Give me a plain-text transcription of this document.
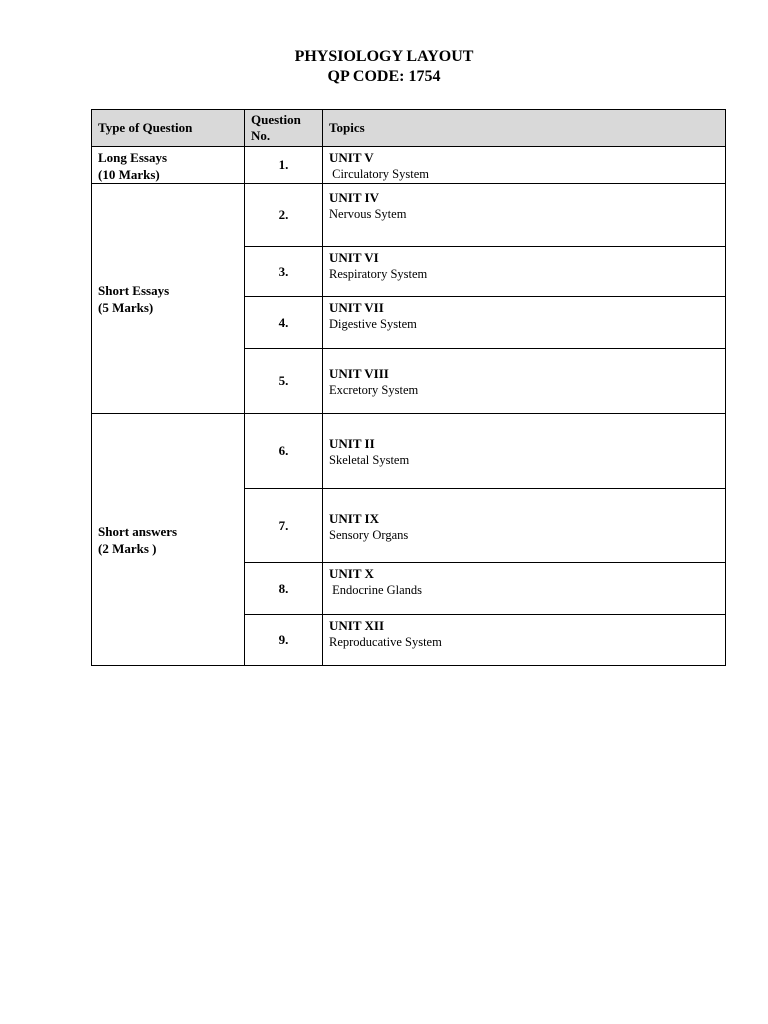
PHYSIOLOGY LAYOUT
QP CODE: 1754
Type of Question	Question No.	Topics

Long Essays
(10 Marks)	1.	UNIT V
Circulatory System

Short Essays
(5 Marks)	2.	UNIT IV
Nervous Sytem

	3.	UNIT VI
Respiratory System

	4.	UNIT VII
Digestive System

	5.	UNIT VIII
Excretory System

Short answers
(2 Marks )	6.	UNIT II
Skeletal System

	7.	UNIT IX
Sensory Organs

	8.	UNIT X
Endocrine Glands

	9.	UNIT XII
Reproducative System
